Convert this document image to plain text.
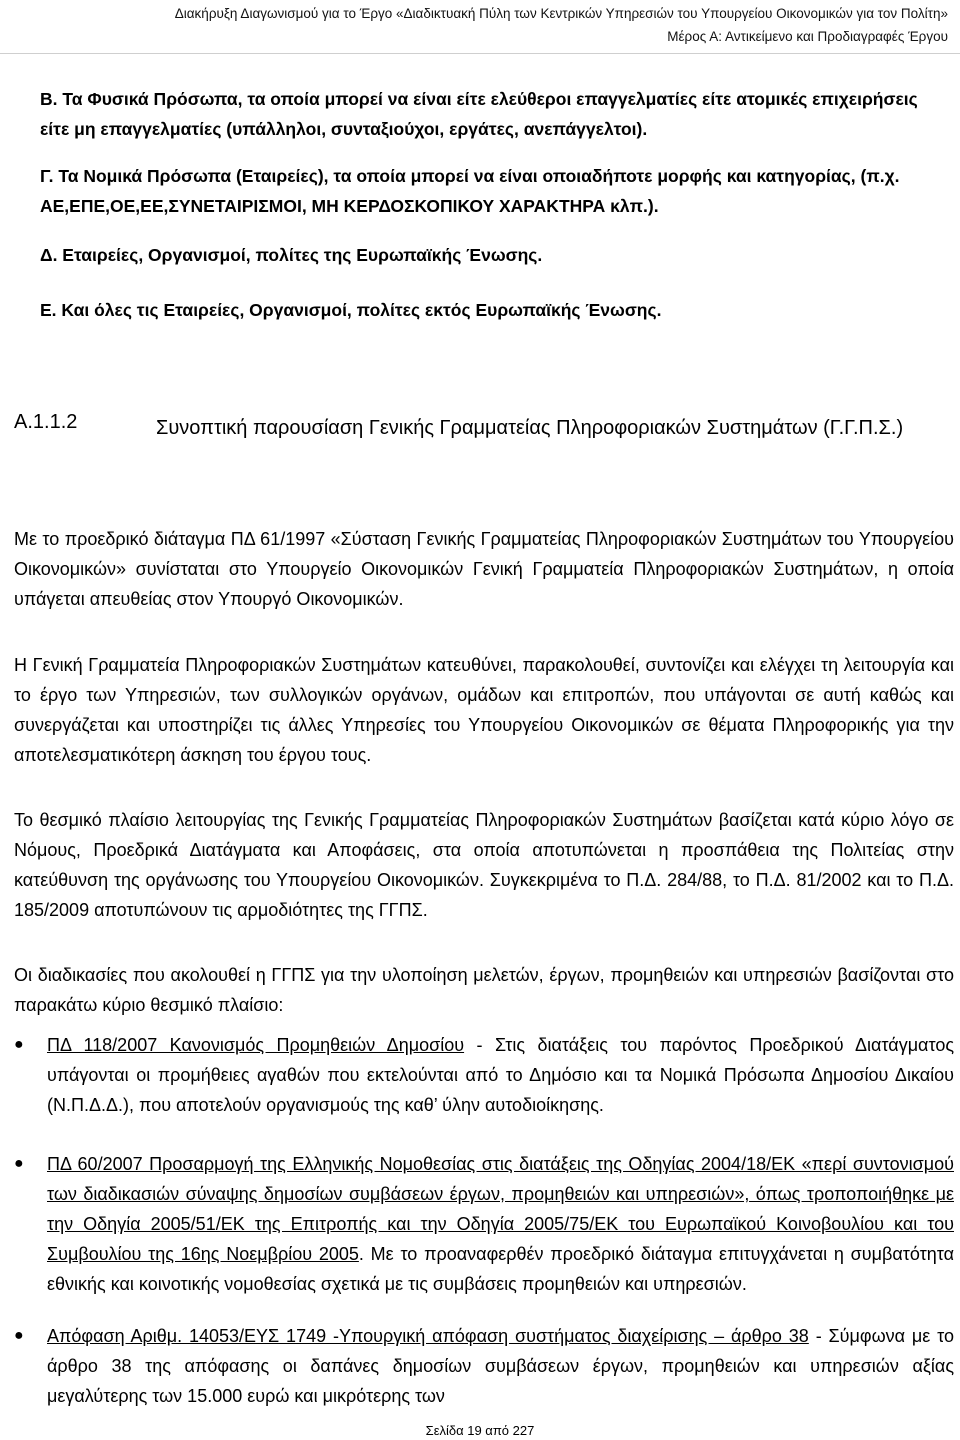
Διακήρυξη Διαγωνισμού για το Έργο «Διαδικτυακή Πύλη των Κεντρικών Υπηρεσιών του Υπουργείου Οικονομικών για τον Πολίτη»
Μέρος Α: Αντικείμενο και Προδιαγραφές Έργου
Β. Τα Φυσικά Πρόσωπα, τα οποία μπορεί να είναι είτε ελεύθεροι επαγγελματίες είτε ατομικές επιχειρήσεις είτε μη επαγγελματίες (υπάλληλοι, συνταξιούχοι, εργάτες, ανεπάγγελτοι).
Γ. Τα Νομικά Πρόσωπα (Εταιρείες), τα οποία μπορεί να είναι οποιαδήποτε μορφής και κατηγορίας, (π.χ. ΑΕ,ΕΠΕ,ΟΕ,ΕΕ,ΣΥΝΕΤΑΙΡΙΣΜΟΙ, ΜΗ ΚΕΡΔΟΣΚΟΠΙΚΟΥ ΧΑΡΑΚΤΗΡΑ κλπ.).
Δ. Εταιρείες, Οργανισμοί, πολίτες της Ευρωπαϊκής Ένωσης.
Ε. Και όλες τις Εταιρείες, Οργανισμοί, πολίτες εκτός Ευρωπαϊκής Ένωσης.
Α.1.1.2	Συνοπτική παρουσίαση Γενικής Γραμματείας Πληροφοριακών Συστημάτων (Γ.Γ.Π.Σ.)
Με το προεδρικό διάταγμα ΠΔ 61/1997 «Σύσταση Γενικής Γραμματείας Πληροφοριακών Συστημάτων του Υπουργείου Οικονομικών» συνίσταται στο Υπουργείο Οικονομικών Γενική Γραμματεία Πληροφοριακών Συστημάτων, η οποία υπάγεται απευθείας στον Υπουργό Οικονομικών.
Η Γενική Γραμματεία Πληροφοριακών Συστημάτων κατευθύνει, παρακολουθεί, συντονίζει και ελέγχει τη λειτουργία και το έργο των Υπηρεσιών, των συλλογικών οργάνων, ομάδων και επιτροπών, που υπάγονται σε αυτή καθώς και συνεργάζεται και υποστηρίζει τις άλλες Υπηρεσίες του Υπουργείου Οικονομικών σε θέματα Πληροφορικής για την αποτελεσματικότερη άσκηση του έργου τους.
Το θεσμικό πλαίσιο λειτουργίας της Γενικής Γραμματείας Πληροφοριακών Συστημάτων βασίζεται κατά κύριο λόγο σε Νόμους, Προεδρικά Διατάγματα και Αποφάσεις, στα οποία αποτυπώνεται η προσπάθεια της Πολιτείας στην κατεύθυνση της οργάνωσης του Υπουργείου Οικονομικών. Συγκεκριμένα το Π.Δ. 284/88, το Π.Δ. 81/2002 και το Π.Δ. 185/2009 αποτυπώνουν τις αρμοδιότητες της ΓΓΠΣ.
Οι διαδικασίες που ακολουθεί η ΓΓΠΣ για την υλοποίηση μελετών, έργων, προμηθειών και υπηρεσιών βασίζονται στο παρακάτω κύριο θεσμικό πλαίσιο:
● ΠΔ 118/2007 Κανονισμός Προμηθειών Δημοσίου - Στις διατάξεις του παρόντος Προεδρικού Διατάγματος υπάγονται οι προμήθειες αγαθών που εκτελούνται από το Δημόσιο και τα Νομικά Πρόσωπα Δημοσίου Δικαίου (Ν.Π.Δ.Δ.), που αποτελούν οργανισμούς της καθ’ ύλην αυτοδιοίκησης.
● ΠΔ 60/2007 Προσαρμογή της Ελληνικής Νομοθεσίας στις διατάξεις της Οδηγίας 2004/18/ΕΚ «περί συντονισμού των διαδικασιών σύναψης δημοσίων συμβάσεων έργων, προμηθειών και υπηρεσιών», όπως τροποποιήθηκε με την Οδηγία 2005/51/ΕΚ της Επιτροπής και την Οδηγία 2005/75/ΕΚ του Ευρωπαϊκού Κοινοβουλίου και του Συμβουλίου της 16ης Νοεμβρίου 2005. Με το προαναφερθέν προεδρικό διάταγμα επιτυγχάνεται η συμβατότητα εθνικής και κοινοτικής νομοθεσίας σχετικά με τις συμβάσεις προμηθειών και υπηρεσιών.
● Απόφαση Αριθμ. 14053/ΕΥΣ 1749 -Υπουργική απόφαση συστήματος διαχείρισης – άρθρο 38 - Σύμφωνα με το άρθρο 38 της απόφασης οι δαπάνες δημοσίων συμβάσεων έργων, προμηθειών και υπηρεσιών αξίας μεγαλύτερης των 15.000 ευρώ και μικρότερης των
Σελίδα 19 από 227
